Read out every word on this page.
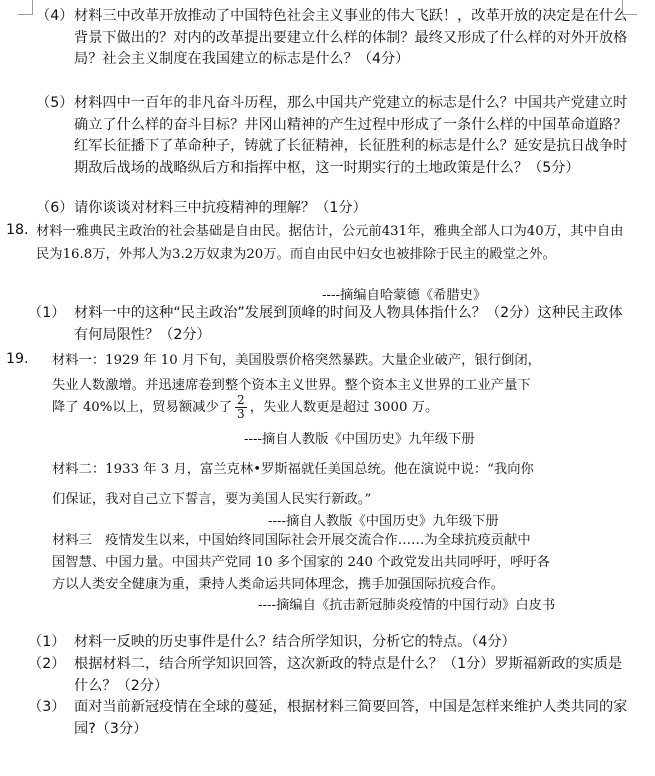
（4） 材料三中改革开放推动了中国特色社会主义事业的伟大飞跃！，改革开放的决定是在什么背景下做出的？对内的改革提出要建立什么样的体制？最终又形成了什么样的对外开放格局？社会主义制度在我国建立的标志是什么？（4分）
（5） 材料四中一百年的非凡奋斗历程，那么中国共产党建立的标志是什么？中国共产党建立时确立了什么样的奋斗目标？井冈山精神的产生过程中形成了一条什么样的中国革命道路？红军长征播下了革命种子，铸就了长征精神，长征胜利的标志是什么？延安是抗日战争时期敌后战场的战略纵后方和指挥中枢，这一时期实行的土地政策是什么？（5分）
（6） 请你谈谈对材料三中抗疫精神的理解？（1分）
18. 材料一雅典民主政治的社会基础是自由民。据估计，公元前431年，雅典全部人口为40万，其中自由民为16.8万，外邦人为3.2万奴隶为20万。而自由民中妇女也被排除于民主的殿堂之外。
----摘编自哈蒙德《希腊史》
（1） 材料一中的这种“民主政治”发展到顶峰的时间及人物具体指什么？（2分）这种民主政体有何局限性？（2分）
19. 材料一：1929 年 10 月下旬，美国股票价格突然暴跌。大量企业破产，银行倒闭，
失业人数激增。并迅速席卷到整个资本主义世界。整个资本主义世界的工业产量下
降了 40%以上，贸易额减少了 $\frac{2}{3}$ ，失业人数更是超过 3000 万。
----摘自人教版《中国历史》九年级下册
材料二：1933 年 3 月，富兰克林•罗斯福就任美国总统。他在演说中说：“我向你
们保证，我对自己立下誓言，要为美国人民实行新政。”
----摘自人教版《中国历史》九年级下册
材料三　疫情发生以来，中国始终同国际社会开展交流合作……为全球抗疫贡献中
国智慧、中国力量。中国共产党同 10 多个国家的 240 个政党发出共同呼吁，呼吁各
方以人类安全健康为重，秉持人类命运共同体理念，携手加强国际抗疫合作。
----摘编自《抗击新冠肺炎疫情的中国行动》白皮书
（1） 材料一反映的历史事件是什么？结合所学知识，分析它的特点。（4分）
（2） 根据材料二，结合所学知识回答，这次新政的特点是什么？（1分）罗斯福新政的实质是什么？（2分）
（3） 面对当前新冠疫情在全球的蔓延，根据材料三简要回答，中国是怎样来维护人类共同的家园?（3分）
